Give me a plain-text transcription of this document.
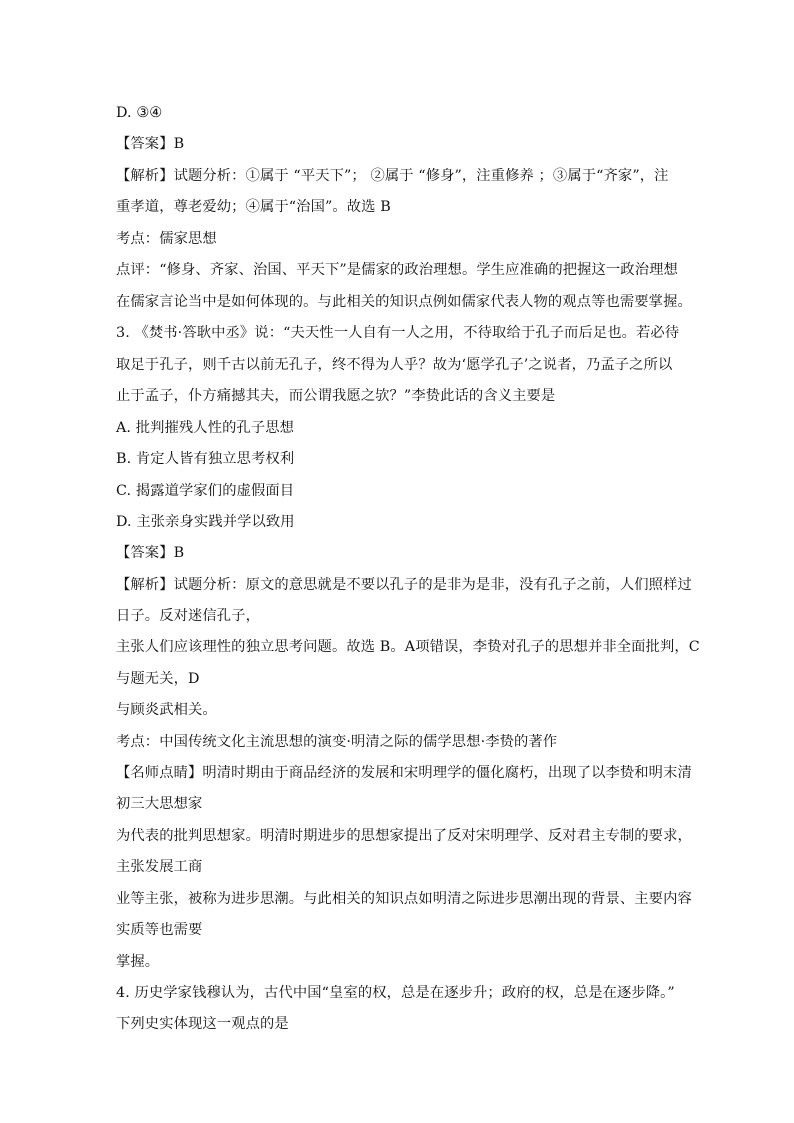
D. ③④
【答案】B
【解析】试题分析：①属于 “平天下”； ②属于 “修身”，注重修养 ；③属于“齐家”，注
重孝道，尊老爱幼；④属于“治国”。故选 B
考点：儒家思想
点评：“修身、齐家、治国、平天下”是儒家的政治理想。学生应准确的把握这一政治理想
在儒家言论当中是如何体现的。与此相关的知识点例如儒家代表人物的观点等也需要掌握。
3. 《焚书·答耿中丞》说：“夫天性一人自有一人之用，不待取给于孔子而后足也。若必待
取足于孔子，则千古以前无孔子，终不得为人乎？故为‘愿学孔子’之说者，乃孟子之所以
止于孟子，仆方痛撼其夫，而公谓我愿之欤？”李贽此话的含义主要是
A. 批判摧残人性的孔子思想
B. 肯定人皆有独立思考权利
C. 揭露道学家们的虚假面目
D. 主张亲身实践并学以致用
【答案】B
【解析】试题分析：原文的意思就是不要以孔子的是非为是非，没有孔子之前，人们照样过
日子。反对迷信孔子，
主张人们应该理性的独立思考问题。故选 B。A项错误，李贽对孔子的思想并非全面批判，C
与题无关，D
与顾炎武相关。
考点：中国传统文化主流思想的演变·明清之际的儒学思想·李贽的著作
【名师点睛】明清时期由于商品经济的发展和宋明理学的僵化腐朽，出现了以李贽和明末清
初三大思想家
为代表的批判思想家。明清时期进步的思想家提出了反对宋明理学、反对君主专制的要求，
主张发展工商
业等主张，被称为进步思潮。与此相关的知识点如明清之际进步思潮出现的背景、主要内容
实质等也需要
掌握。
4. 历史学家钱穆认为，古代中国“皇室的权，总是在逐步升；政府的权，总是在逐步降。”
下列史实体现这一观点的是
